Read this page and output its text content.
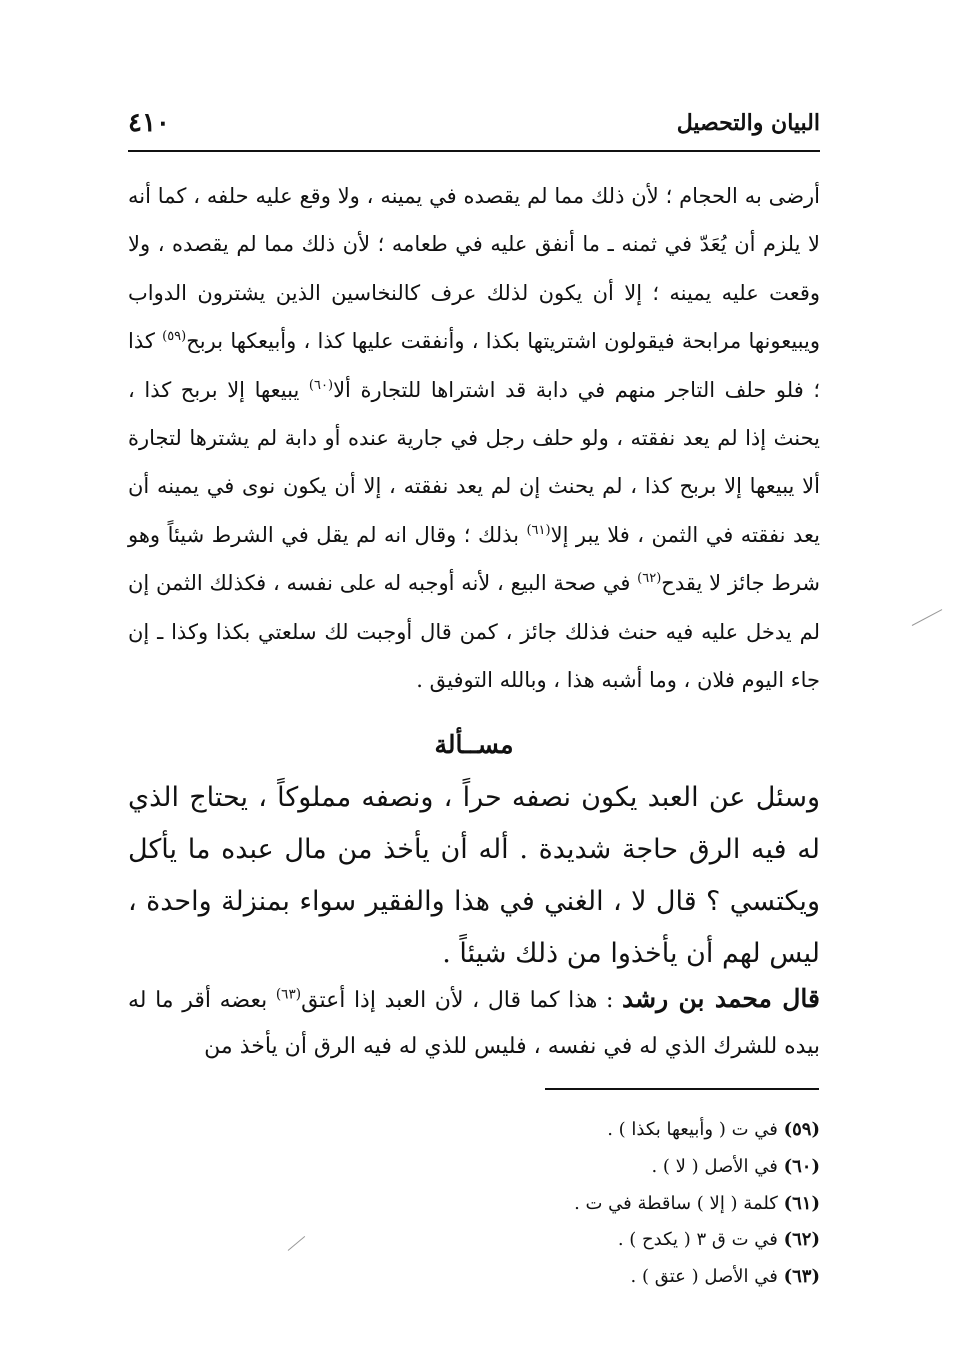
البيان والتحصيل
٤١٠
أرضى به الحجام ؛ لأن ذلك مما لم يقصده في يمينه ، ولا وقع عليه حلفه ، كما أنه لا يلزم أن يُعَدّ في ثمنه ـ ما أنفق عليه في طعامه ؛ لأن ذلك مما لم يقصده ، ولا وقعت عليه يمينه ؛ إلا أن يكون لذلك عرف كالنخاسين الذين يشترون الدواب ويبيعونها مرابحة فيقولون اشتريتها بكذا ، وأنفقت عليها كذا ، وأبيعكها بربح$^{(٥٩)}$ كذا ؛ فلو حلف التاجر منهم في دابة قد اشتراها للتجارة ألا$^{(٦٠)}$ يبيعها إلا بربح كذا ، يحنث إذا لم يعد نفقته ، ولو حلف رجل في جارية عنده أو دابة لم يشترها لتجارة ألا يبيعها إلا بربح كذا ، لم يحنث إن لم يعد نفقته ، إلا أن يكون نوى في يمينه أن يعد نفقته في الثمن ، فلا يبر إلا$^{(٦١)}$ بذلك ؛ وقال انه لم يقل في الشرط شيئاً وهو شرط جائز لا يقدح$^{(٦٢)}$ في صحة البيع ، لأنه أوجبه له على نفسه ، فكذلك الثمن إن لم يدخل عليه فيه حنث فذلك جائز ، كمن قال أوجبت لك سلعتي بكذا وكذا ـ إن جاء اليوم فلان ، وما أشبه هذا ، وبالله التوفيق .
مســألة
وسئل عن العبد يكون نصفه حراً ، ونصفه مملوكاً ، يحتاج الذي له فيه الرق حاجة شديدة . أله أن يأخذ من مال عبده ما يأكل ويكتسي ؟ قال لا ، الغني في هذا والفقير سواء بمنزلة واحدة ، ليس لهم أن يأخذوا من ذلك شيئاً .
قال محمد بن رشد : هذا كما قال ، لأن العبد إذا أعتق$^{(٦٣)}$ بعضه أقر ما له بيده للشرك الذي له في نفسه ، فليس للذي له فيه الرق أن يأخذ من
(٥٩) في ت ( وأبيعها بكذا ) .
(٦٠) في الأصل ( لا ) .
(٦١) كلمة ( إلا ) ساقطة في ت .
(٦٢) في ت ق ٣ ( يكدح ) .
(٦٣) في الأصل ( عتق ) .
